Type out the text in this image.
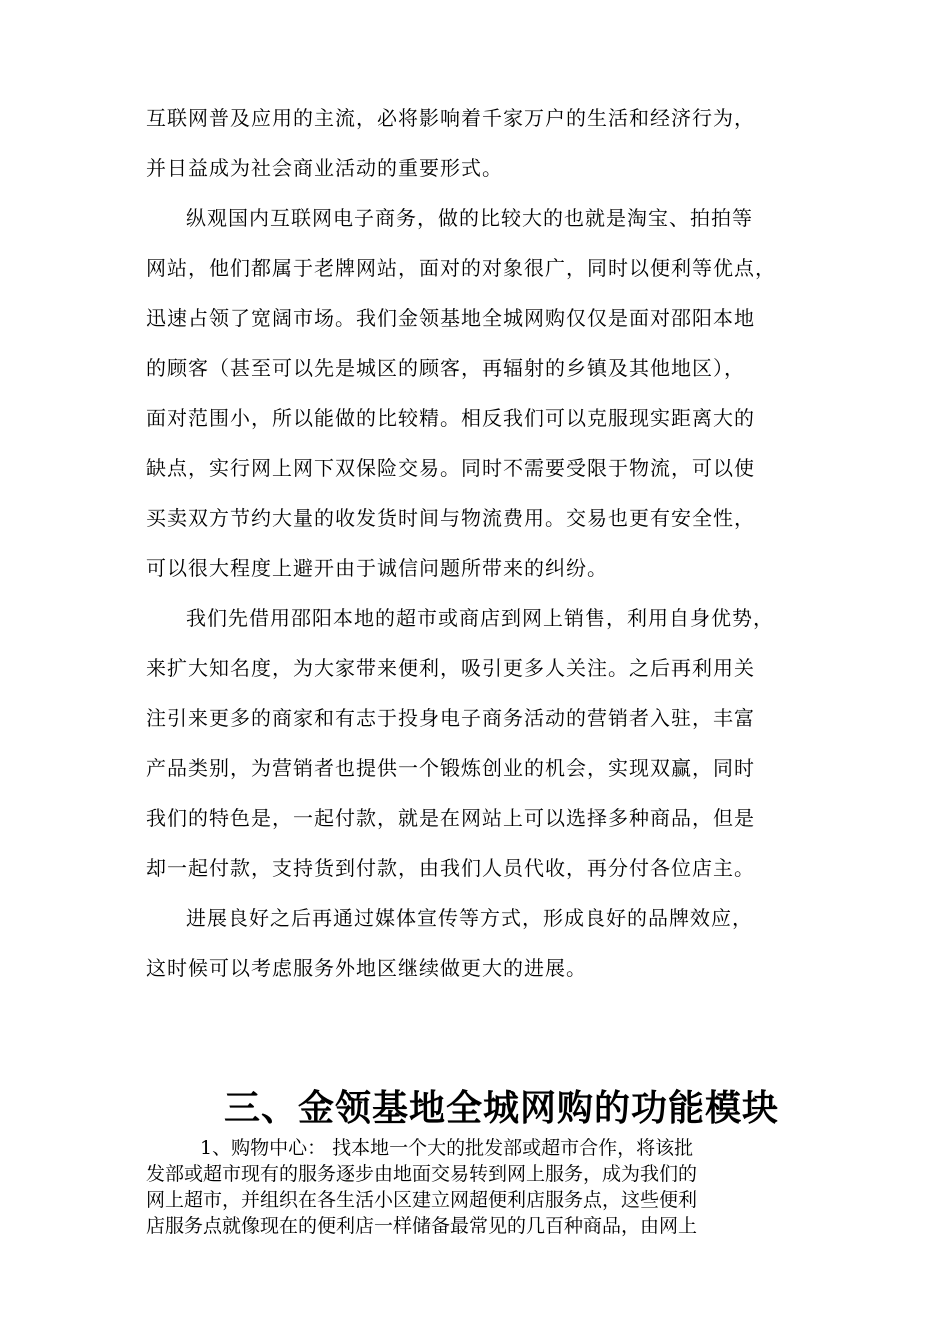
互联网普及应用的主流，必将影响着千家万户的生活和经济行为，
并日益成为社会商业活动的重要形式。
纵观国内互联网电子商务，做的比较大的也就是淘宝、拍拍等
网站，他们都属于老牌网站，面对的对象很广，同时以便利等优点，
迅速占领了宽阔市场。我们金领基地全城网购仅仅是面对邵阳本地
的顾客（甚至可以先是城区的顾客，再辐射的乡镇及其他地区），
面对范围小，所以能做的比较精。相反我们可以克服现实距离大的
缺点，实行网上网下双保险交易。同时不需要受限于物流，可以使
买卖双方节约大量的收发货时间与物流费用。交易也更有安全性，
可以很大程度上避开由于诚信问题所带来的纠纷。
我们先借用邵阳本地的超市或商店到网上销售，利用自身优势，
来扩大知名度，为大家带来便利，吸引更多人关注。之后再利用关
注引来更多的商家和有志于投身电子商务活动的营销者入驻，丰富
产品类别，为营销者也提供一个锻炼创业的机会，实现双赢，同时
我们的特色是，一起付款，就是在网站上可以选择多种商品，但是
却一起付款，支持货到付款，由我们人员代收，再分付各位店主。
进展良好之后再通过媒体宣传等方式，形成良好的品牌效应，
这时候可以考虑服务外地区继续做更大的进展。
三、金领基地全城网购的功能模块
1、购物中心： 找本地一个大的批发部或超市合作，将该批
发部或超市现有的服务逐步由地面交易转到网上服务，成为我们的
网上超市，并组织在各生活小区建立网超便利店服务点，这些便利
店服务点就像现在的便利店一样储备最常见的几百种商品，由网上
